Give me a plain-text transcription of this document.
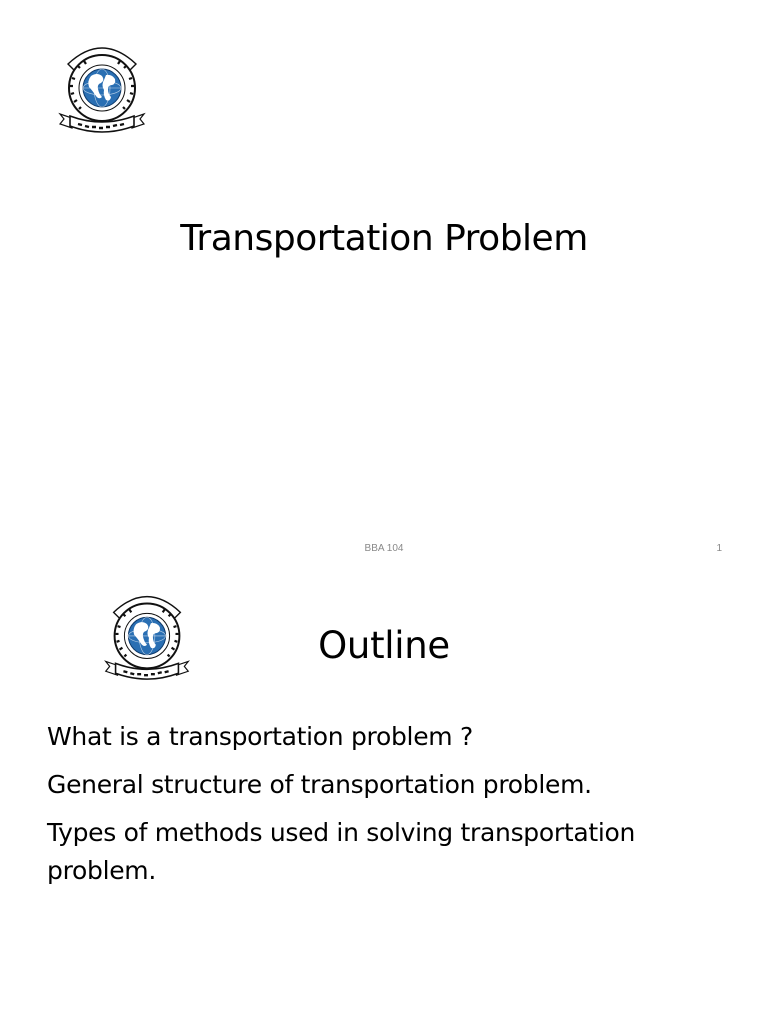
Transportation Problem
BBA 104	1
Outline
What is a transportation problem ?
General structure of transportation problem.
Types of methods used in solving transportation problem.
